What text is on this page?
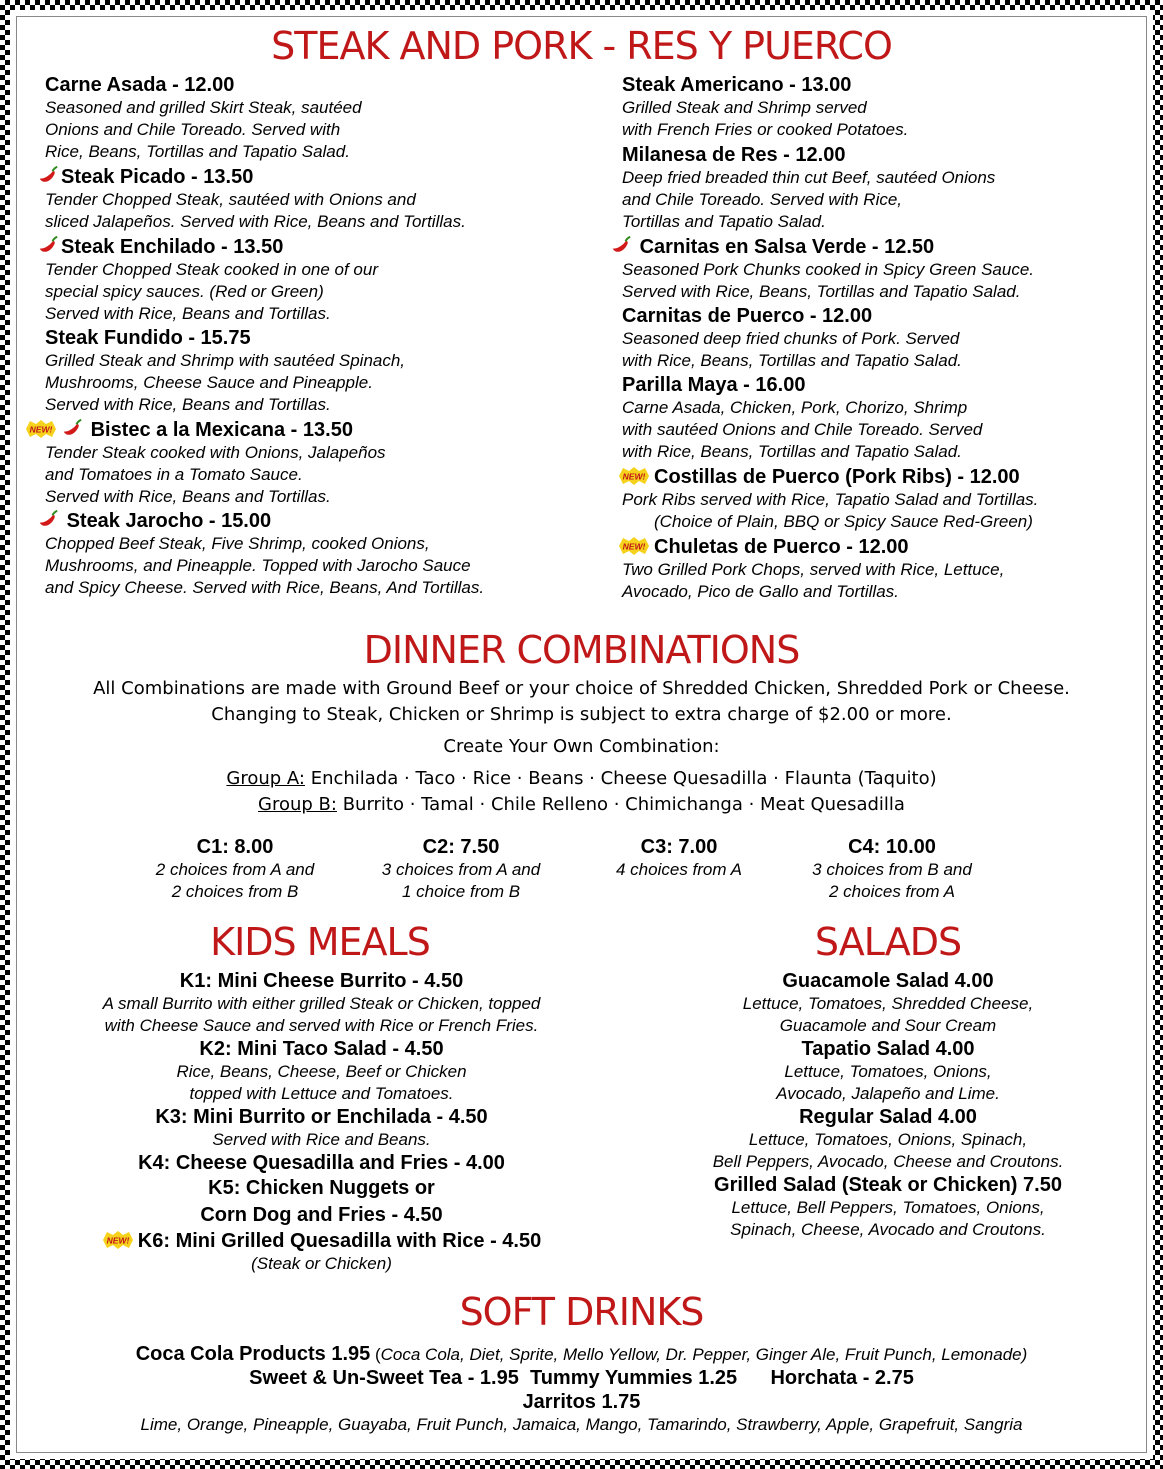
STEAK AND PORK - RES Y PUERCO
Carne Asada - 12.00
Seasoned and grilled Skirt Steak, sautéed
Onions and Chile Toreado. Served with
Rice, Beans, Tortillas and Tapatio Salad.
Steak Picado - 13.50
Tender Chopped Steak, sautéed with Onions and
sliced Jalapeños. Served with Rice, Beans and Tortillas.
Steak Enchilado - 13.50
Tender Chopped Steak cooked in one of our
special spicy sauces. (Red or Green)
Served with Rice, Beans and Tortillas.
Steak Fundido - 15.75
Grilled Steak and Shrimp with sautéed Spinach,
Mushrooms, Cheese Sauce and Pineapple.
Served with Rice, Beans and Tortillas.
NEW! Bistec a la Mexicana - 13.50
Tender Steak cooked with Onions, Jalapeños
and Tomatoes in a Tomato Sauce.
Served with Rice, Beans and Tortillas.
Steak Jarocho - 15.00
Chopped Beef Steak, Five Shrimp, cooked Onions,
Mushrooms, and Pineapple. Topped with Jarocho Sauce
and Spicy Cheese. Served with Rice, Beans, And Tortillas.
Steak Americano - 13.00
Grilled Steak and Shrimp served
with French Fries or cooked Potatoes.
Milanesa de Res - 12.00
Deep fried breaded thin cut Beef, sautéed Onions
and Chile Toreado. Served with Rice,
Tortillas and Tapatio Salad.
Carnitas en Salsa Verde - 12.50
Seasoned Pork Chunks cooked in Spicy Green Sauce.
Served with Rice, Beans, Tortillas and Tapatio Salad.
Carnitas de Puerco - 12.00
Seasoned deep fried chunks of Pork. Served
with Rice, Beans, Tortillas and Tapatio Salad.
Parilla Maya - 16.00
Carne Asada, Chicken, Pork, Chorizo, Shrimp
with sautéed Onions and Chile Toreado. Served
with Rice, Beans, Tortillas and Tapatio Salad.
NEW! Costillas de Puerco (Pork Ribs) - 12.00
Pork Ribs served with Rice, Tapatio Salad and Tortillas.
(Choice of Plain, BBQ or Spicy Sauce Red-Green)
NEW! Chuletas de Puerco - 12.00
Two Grilled Pork Chops, served with Rice, Lettuce,
Avocado, Pico de Gallo and Tortillas.
DINNER COMBINATIONS
All Combinations are made with Ground Beef or your choice of Shredded Chicken, Shredded Pork or Cheese.
Changing to Steak, Chicken or Shrimp is subject to extra charge of $2.00 or more.
Create Your Own Combination:
Group A: Enchilada · Taco · Rice · Beans · Cheese Quesadilla · Flaunta (Taquito)
Group B: Burrito · Tamal · Chile Relleno · Chimichanga · Meat Quesadilla
C1: 8.00
2 choices from A and
2 choices from B
C2: 7.50
3 choices from A and
1 choice from B
C3: 7.00
4 choices from A
C4: 10.00
3 choices from B and
2 choices from A
KIDS MEALS
K1: Mini Cheese Burrito - 4.50
A small Burrito with either grilled Steak or Chicken, topped
with Cheese Sauce and served with Rice or French Fries.
K2: Mini Taco Salad - 4.50
Rice, Beans, Cheese, Beef or Chicken
topped with Lettuce and Tomatoes.
K3: Mini Burrito or Enchilada - 4.50
Served with Rice and Beans.
K4: Cheese Quesadilla and Fries - 4.00
K5: Chicken Nuggets or
Corn Dog and Fries - 4.50
NEW! K6: Mini Grilled Quesadilla with Rice - 4.50
(Steak or Chicken)
SALADS
Guacamole Salad 4.00
Lettuce, Tomatoes, Shredded Cheese,
Guacamole and Sour Cream
Tapatio Salad 4.00
Lettuce, Tomatoes, Onions,
Avocado, Jalapeño and Lime.
Regular Salad 4.00
Lettuce, Tomatoes, Onions, Spinach,
Bell Peppers, Avocado, Cheese and Croutons.
Grilled Salad (Steak or Chicken) 7.50
Lettuce, Bell Peppers, Tomatoes, Onions,
Spinach, Cheese, Avocado and Croutons.
SOFT DRINKS
Coca Cola Products 1.95 (Coca Cola, Diet, Sprite, Mello Yellow, Dr. Pepper, Ginger Ale, Fruit Punch, Lemonade)
Sweet & Un-Sweet Tea - 1.95 Tummy Yummies 1.25 Horchata - 2.75
Jarritos 1.75
Lime, Orange, Pineapple, Guayaba, Fruit Punch, Jamaica, Mango, Tamarindo, Strawberry, Apple, Grapefruit, Sangria
